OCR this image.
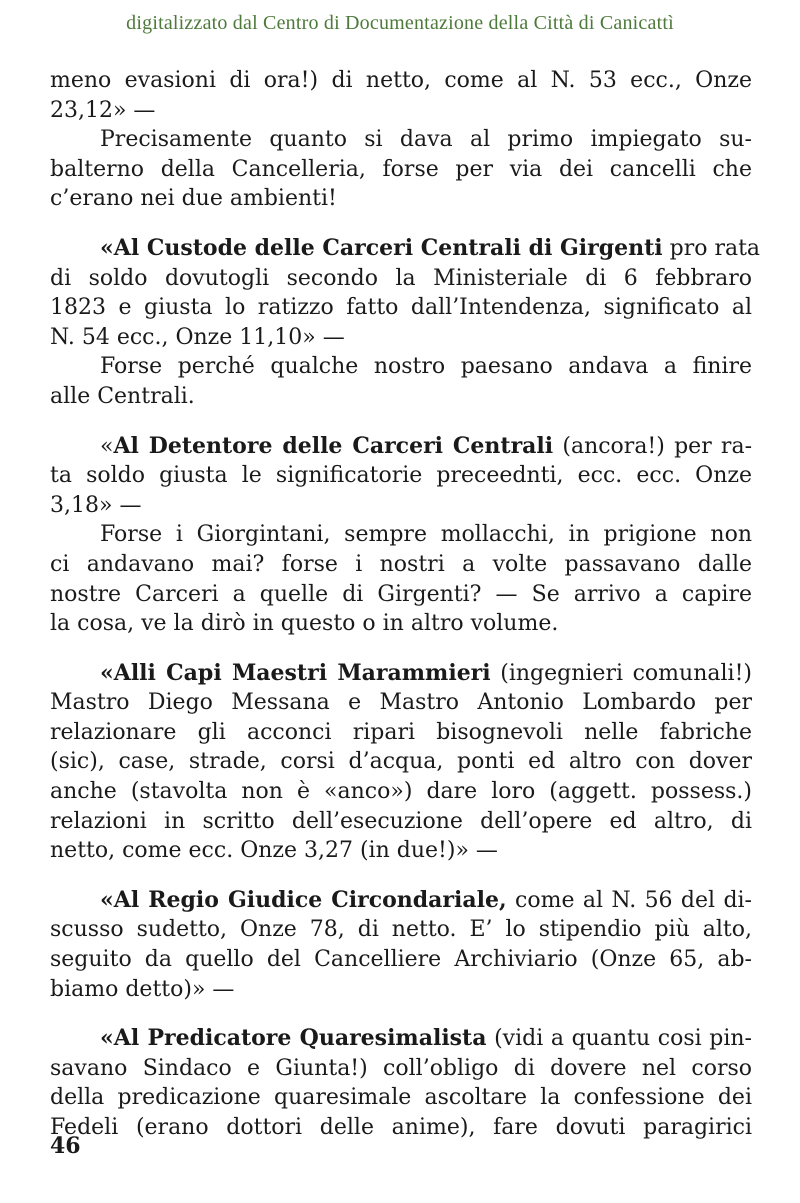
digitalizzato dal Centro di Documentazione della Città di Canicattì

meno evasioni di ora!) di netto, come al N. 53 ecc., Onze
23,12» —

Precisamente quanto si dava al primo impiegato su-
balterno della Cancelleria, forse per via dei cancelli che
c’erano nei due ambienti!

«Al Custode delle Carceri Centrali di Girgenti pro rata
di soldo dovutogli secondo la Ministeriale di 6 febbraro
1823 e giusta lo ratizzo fatto dall’Intendenza, significato al
N. 54 ecc., Onze 11,10» —

Forse perché qualche nostro paesano andava a finire
alle Centrali.

«Al Detentore delle Carceri Centrali (ancora!) per ra-
ta soldo giusta le significatorie preceednti, ecc. ecc. Onze
3,18» —

Forse i Giorgintani, sempre mollacchi, in prigione non
ci andavano mai? forse i nostri a volte passavano dalle
nostre Carceri a quelle di Girgenti? — Se arrivo a capire
la cosa, ve la dirò in questo o in altro volume.

«Alli Capi Maestri Marammieri (ingegnieri comunali!)
Mastro Diego Messana e Mastro Antonio Lombardo per
relazionare gli acconci ripari bisognevoli nelle fabriche
(sic), case, strade, corsi d’acqua, ponti ed altro con dover
anche (stavolta non è «anco») dare loro (aggett. possess.)
relazioni in scritto dell’esecuzione dell’opere ed altro, di
netto, come ecc. Onze 3,27 (in due!)» —

«Al Regio Giudice Circondariale, come al N. 56 del di-
scusso sudetto, Onze 78, di netto. E’ lo stipendio più alto,
seguito da quello del Cancelliere Archiviario (Onze 65, ab-
biamo detto)» —

«Al Predicatore Quaresimalista (vidi a quantu cosi pin-
savano Sindaco e Giunta!) coll’obligo di dovere nel corso
della predicazione quaresimale ascoltare la confessione dei
Fedeli (erano dottori delle anime), fare dovuti paragirici

46
